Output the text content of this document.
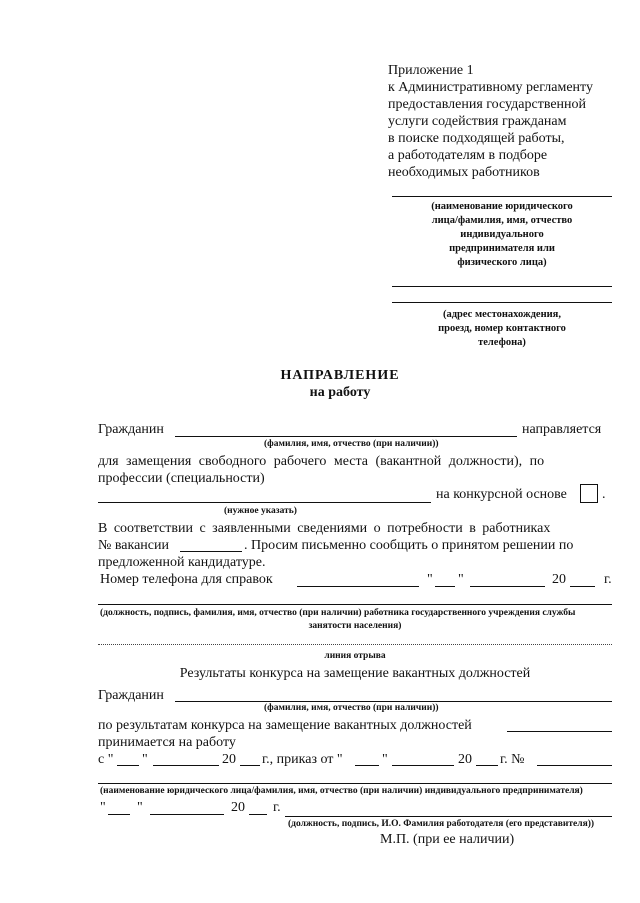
Приложение 1
к Административному регламенту
предоставления государственной
услуги содействия гражданам
в поиске подходящей работы,
а работодателям в подборе
необходимых работников
(наименование юридического
лица/фамилия, имя, отчество
индивидуального
предпринимателя или
физического лица)
(адрес местонахождения,
проезд, номер контактного
телефона)
НАПРАВЛЕНИЕ
на работу
Гражданин	направляется
(фамилия, имя, отчество (при наличии))
для замещения свободного рабочего места (вакантной должности), по
профессии (специальности)
на конкурсной основе	.
(нужное указать)
В соответствии с заявленными сведениями о потребности в работниках
№ вакансии	. Просим письменно сообщить о принятом решении по
предложенной кандидатуре.
Номер телефона для справок	" "	20	г.
(должность, подпись, фамилия, имя, отчество (при наличии) работника государственного учреждения службы
занятости населения)
линия отрыва
Результаты конкурса на замещение вакантных должностей
Гражданин
(фамилия, имя, отчество (при наличии))
по результатам конкурса на замещение вакантных должностей
принимается на работу
с " "	20 г., приказ от "	"	20 г. №
(наименование юридического лица/фамилия, имя, отчество (при наличии) индивидуального предпринимателя)
" "	20 г.
(должность, подпись, И.О. Фамилия работодателя (его представителя))
М.П. (при ее наличии)
